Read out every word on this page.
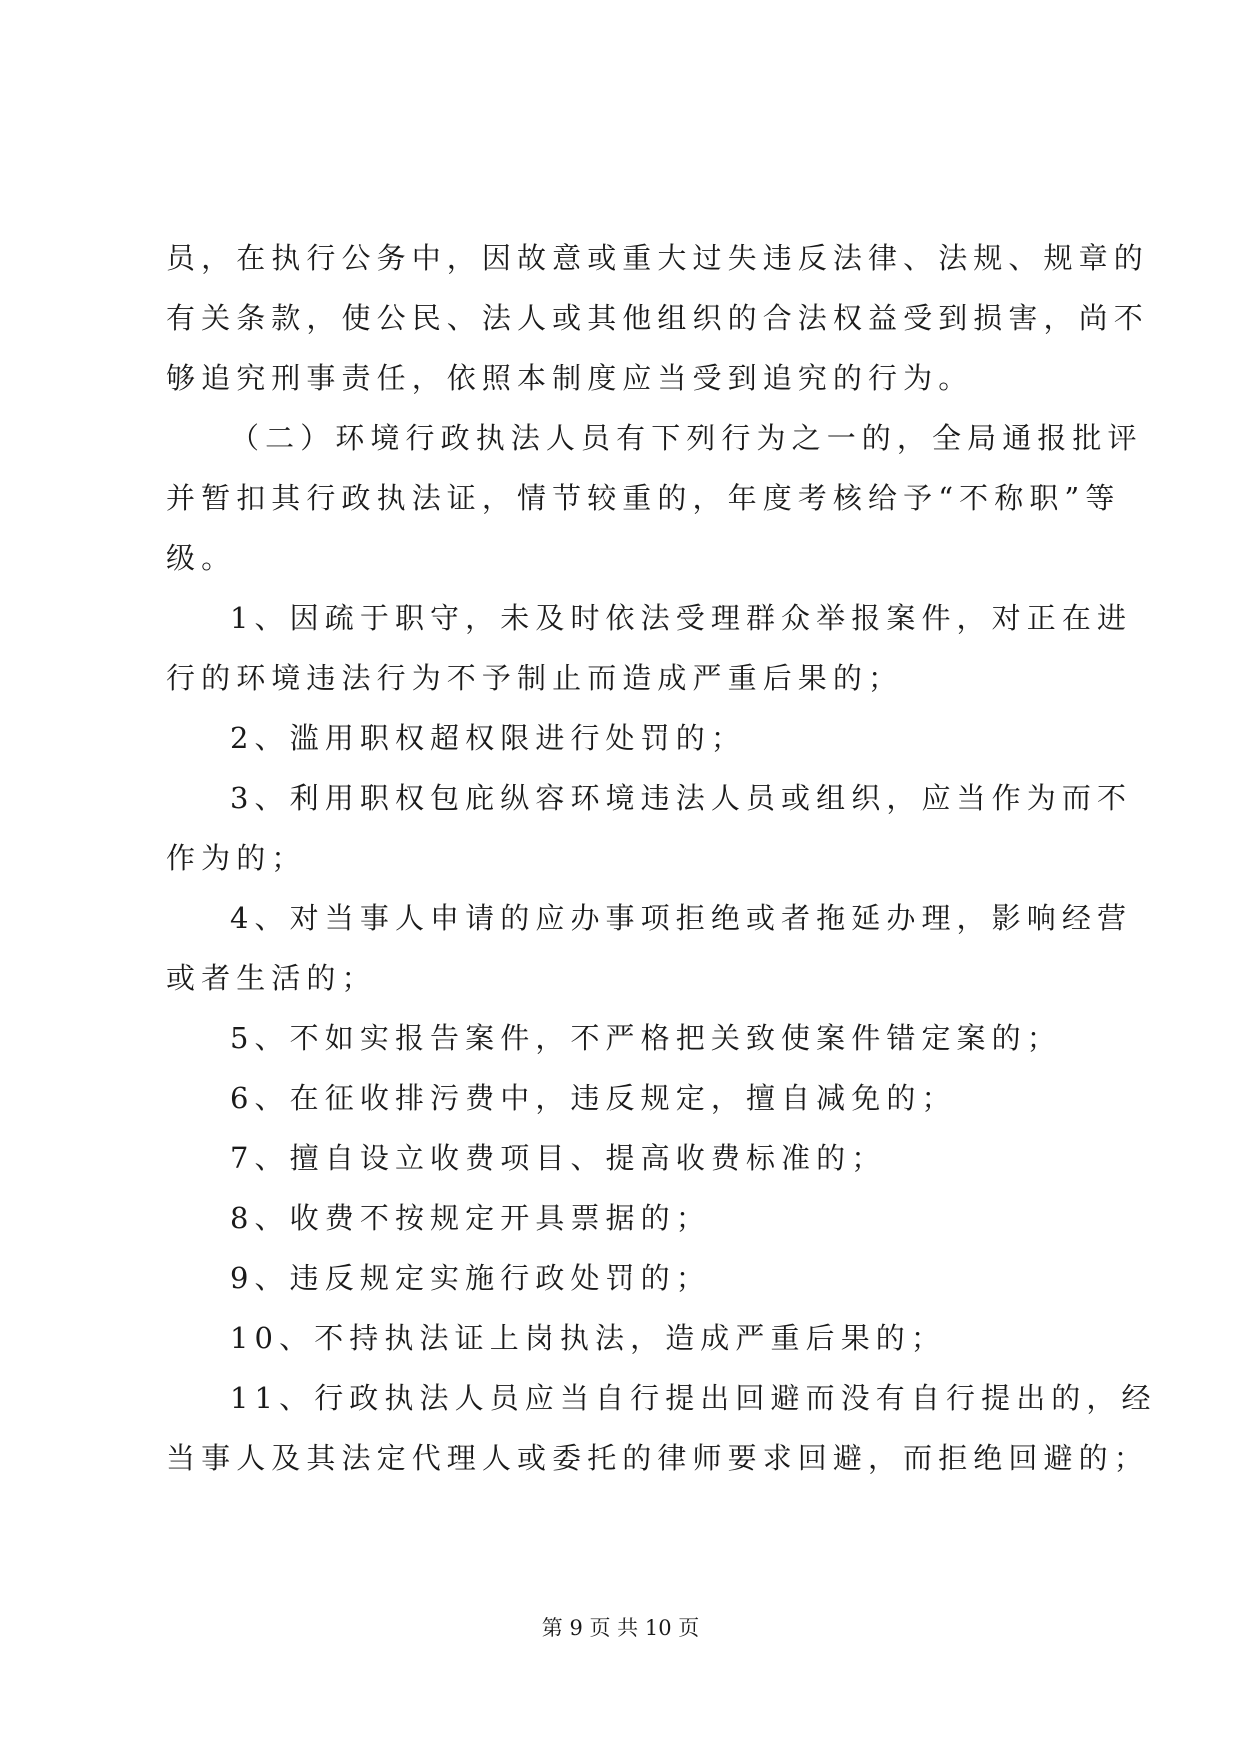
员，在执行公务中，因故意或重大过失违反法律、法规、规章的
有关条款，使公民、法人或其他组织的合法权益受到损害，尚不
够追究刑事责任，依照本制度应当受到追究的行为。
（二）环境行政执法人员有下列行为之一的，全局通报批评
并暂扣其行政执法证，情节较重的，年度考核给予“不称职”等
级。
1、因疏于职守，未及时依法受理群众举报案件，对正在进
行的环境违法行为不予制止而造成严重后果的；
2、滥用职权超权限进行处罚的；
3、利用职权包庇纵容环境违法人员或组织，应当作为而不
作为的；
4、对当事人申请的应办事项拒绝或者拖延办理，影响经营
或者生活的；
5、不如实报告案件，不严格把关致使案件错定案的；
6、在征收排污费中，违反规定，擅自减免的；
7、擅自设立收费项目、提高收费标准的；
8、收费不按规定开具票据的；
9、违反规定实施行政处罚的；
10、不持执法证上岗执法，造成严重后果的；
11、行政执法人员应当自行提出回避而没有自行提出的，经
当事人及其法定代理人或委托的律师要求回避，而拒绝回避的；
第 9 页 共 10 页
